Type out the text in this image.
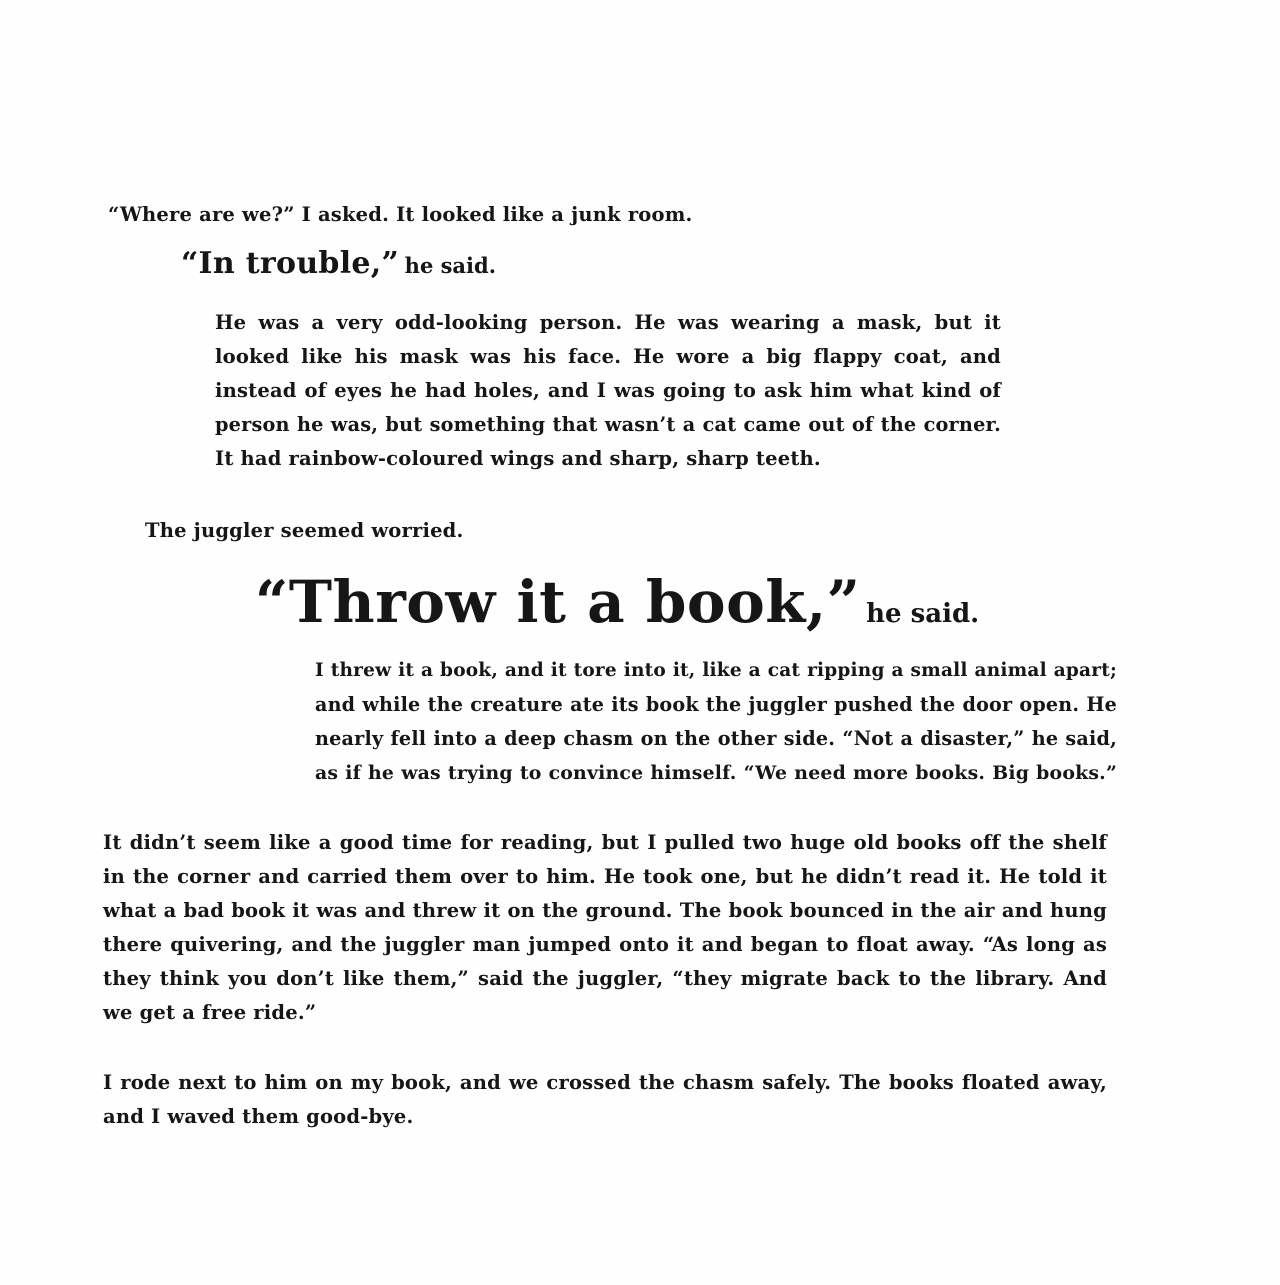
“Where are we?” I asked. It looked like a junk room.

“In trouble,” he said.

He was a very odd-looking person. He was wearing a mask, but it
looked like his mask was his face. He wore a big flappy coat, and
instead of eyes he had holes, and I was going to ask him what kind of
person he was, but something that wasn’t a cat came out of the corner.
It had rainbow-coloured wings and sharp, sharp teeth.

The juggler seemed worried.

“Throw it a book,” he said.

I threw it a book, and it tore into it, like a cat ripping a small animal apart;
and while the creature ate its book the juggler pushed the door open. He
nearly fell into a deep chasm on the other side. “Not a disaster,” he said,
as if he was trying to convince himself. “We need more books. Big books.”
It didn’t seem like a good time for reading, but I pulled two huge old books off the shelf
in the corner and carried them over to him. He took one, but he didn’t read it. He told it
what a bad book it was and threw it on the ground. The book bounced in the air and hung
there quivering, and the juggler man jumped onto it and began to float away. “As long as
they think you don’t like them,” said the juggler, “they migrate back to the library. And
we get a free ride.”
I rode next to him on my book, and we crossed the chasm safely. The books floated away,
and I waved them good-bye.
